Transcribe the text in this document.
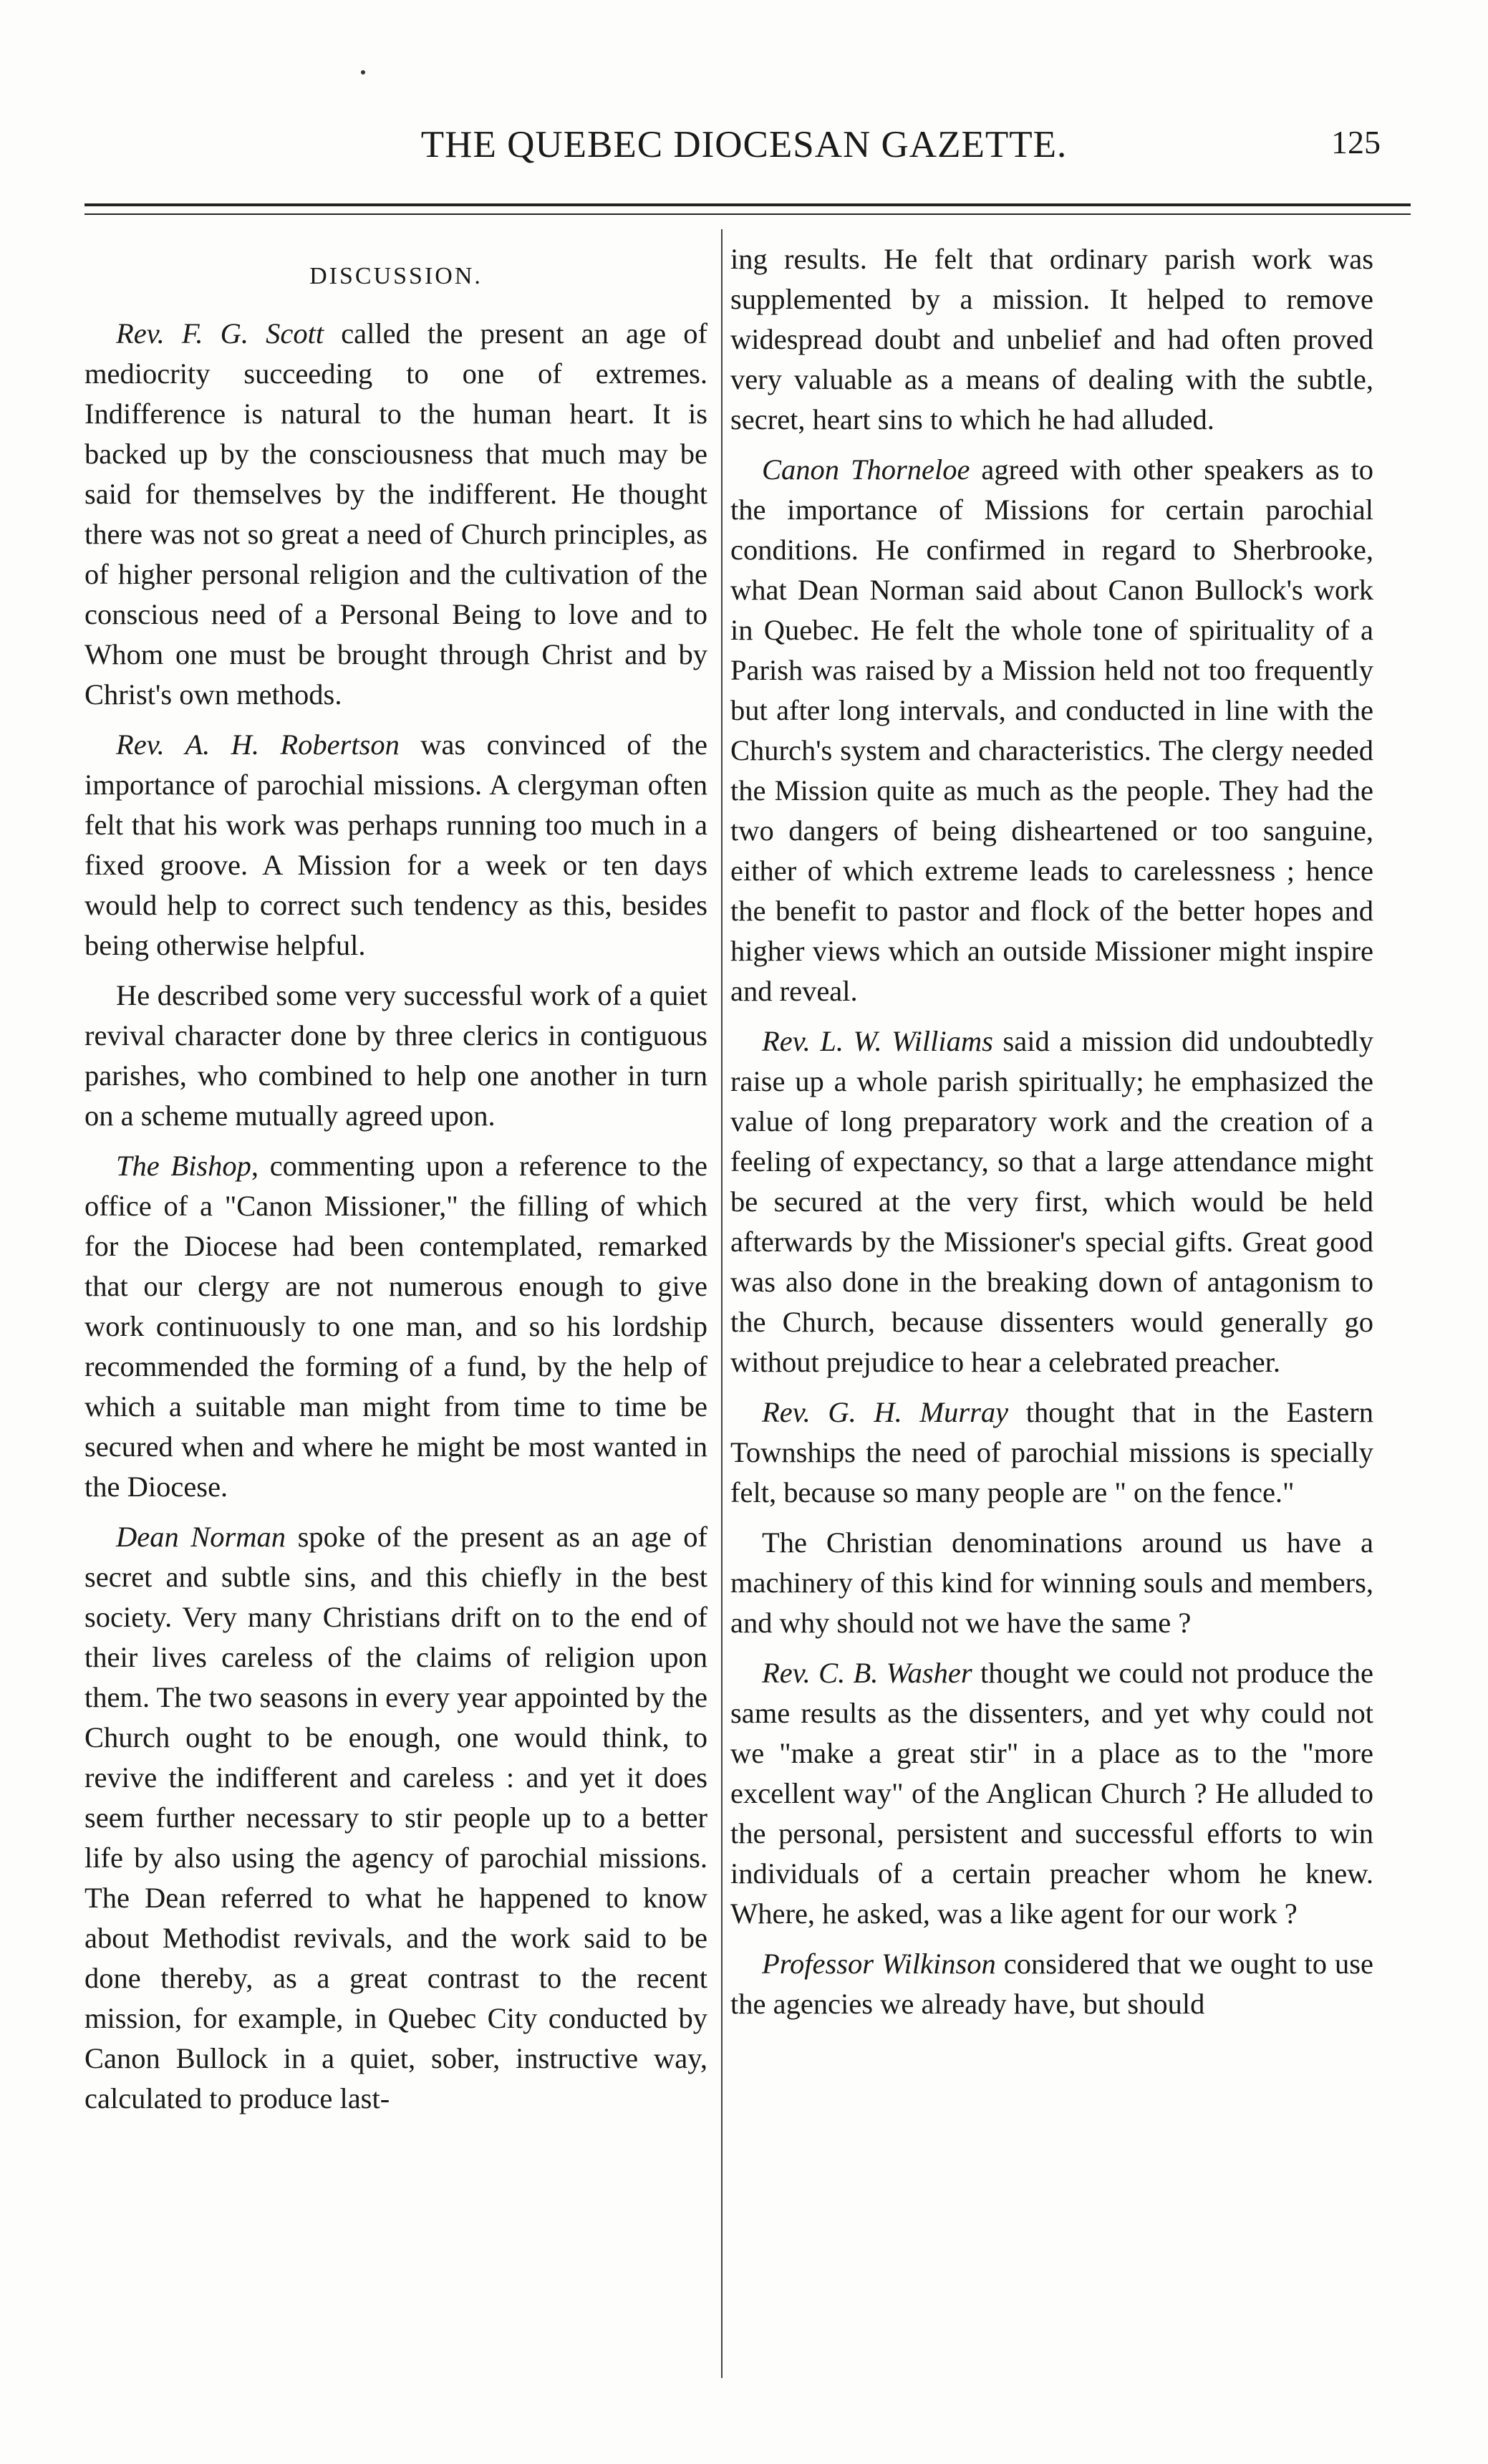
THE QUEBEC DIOCESAN GAZETTE.	125
DISCUSSION.

Rev. F. G. Scott called the present an age of mediocrity succeeding to one of extremes. Indifference is natural to the human heart. It is backed up by the consciousness that much may be said for themselves by the indifferent. He thought there was not so great a need of Church principles, as of higher personal religion and the cultivation of the conscious need of a Personal Being to love and to Whom one must be brought through Christ and by Christ's own methods.

Rev. A. H. Robertson was convinced of the importance of parochial missions. A clergyman often felt that his work was perhaps running too much in a fixed groove. A Mission for a week or ten days would help to correct such tendency as this, besides being otherwise helpful.

He described some very successful work of a quiet revival character done by three clerics in contiguous parishes, who combined to help one another in turn on a scheme mutually agreed upon.

The Bishop, commenting upon a reference to the office of a "Canon Missioner," the filling of which for the Diocese had been contemplated, remarked that our clergy are not numerous enough to give work continuously to one man, and so his lordship recommended the forming of a fund, by the help of which a suitable man might from time to time be secured when and where he might be most wanted in the Diocese.

Dean Norman spoke of the present as an age of secret and subtle sins, and this chiefly in the best society. Very many Christians drift on to the end of their lives careless of the claims of religion upon them. The two seasons in every year appointed by the Church ought to be enough, one would think, to revive the indifferent and careless : and yet it does seem further necessary to stir people up to a better life by also using the agency of parochial missions. The Dean referred to what he happened to know about Methodist revivals, and the work said to be done thereby, as a great contrast to the recent mission, for example, in Quebec City conducted by Canon Bullock in a quiet, sober, instructive way, calculated to produce last-

ing results. He felt that ordinary parish work was supplemented by a mission. It helped to remove widespread doubt and unbelief and had often proved very valuable as a means of dealing with the subtle, secret, heart sins to which he had alluded.

Canon Thorneloe agreed with other speakers as to the importance of Missions for certain parochial conditions. He confirmed in regard to Sherbrooke, what Dean Norman said about Canon Bullock's work in Quebec. He felt the whole tone of spirituality of a Parish was raised by a Mission held not too frequently but after long intervals, and conducted in line with the Church's system and characteristics. The clergy needed the Mission quite as much as the people. They had the two dangers of being disheartened or too sanguine, either of which extreme leads to carelessness ; hence the benefit to pastor and flock of the better hopes and higher views which an outside Missioner might inspire and reveal.

Rev. L. W. Williams said a mission did undoubtedly raise up a whole parish spiritually; he emphasized the value of long preparatory work and the creation of a feeling of expectancy, so that a large attendance might be secured at the very first, which would be held afterwards by the Missioner's special gifts. Great good was also done in the breaking down of antagonism to the Church, because dissenters would generally go without prejudice to hear a celebrated preacher.

Rev. G. H. Murray thought that in the Eastern Townships the need of parochial missions is specially felt, because so many people are " on the fence."

The Christian denominations around us have a machinery of this kind for winning souls and members, and why should not we have the same ?

Rev. C. B. Washer thought we could not produce the same results as the dissenters, and yet why could not we "make a great stir" in a place as to the "more excellent way" of the Anglican Church ? He alluded to the personal, persistent and successful efforts to win individuals of a certain preacher whom he knew. Where, he asked, was a like agent for our work ?

Professor Wilkinson considered that we ought to use the agencies we already have, but should
